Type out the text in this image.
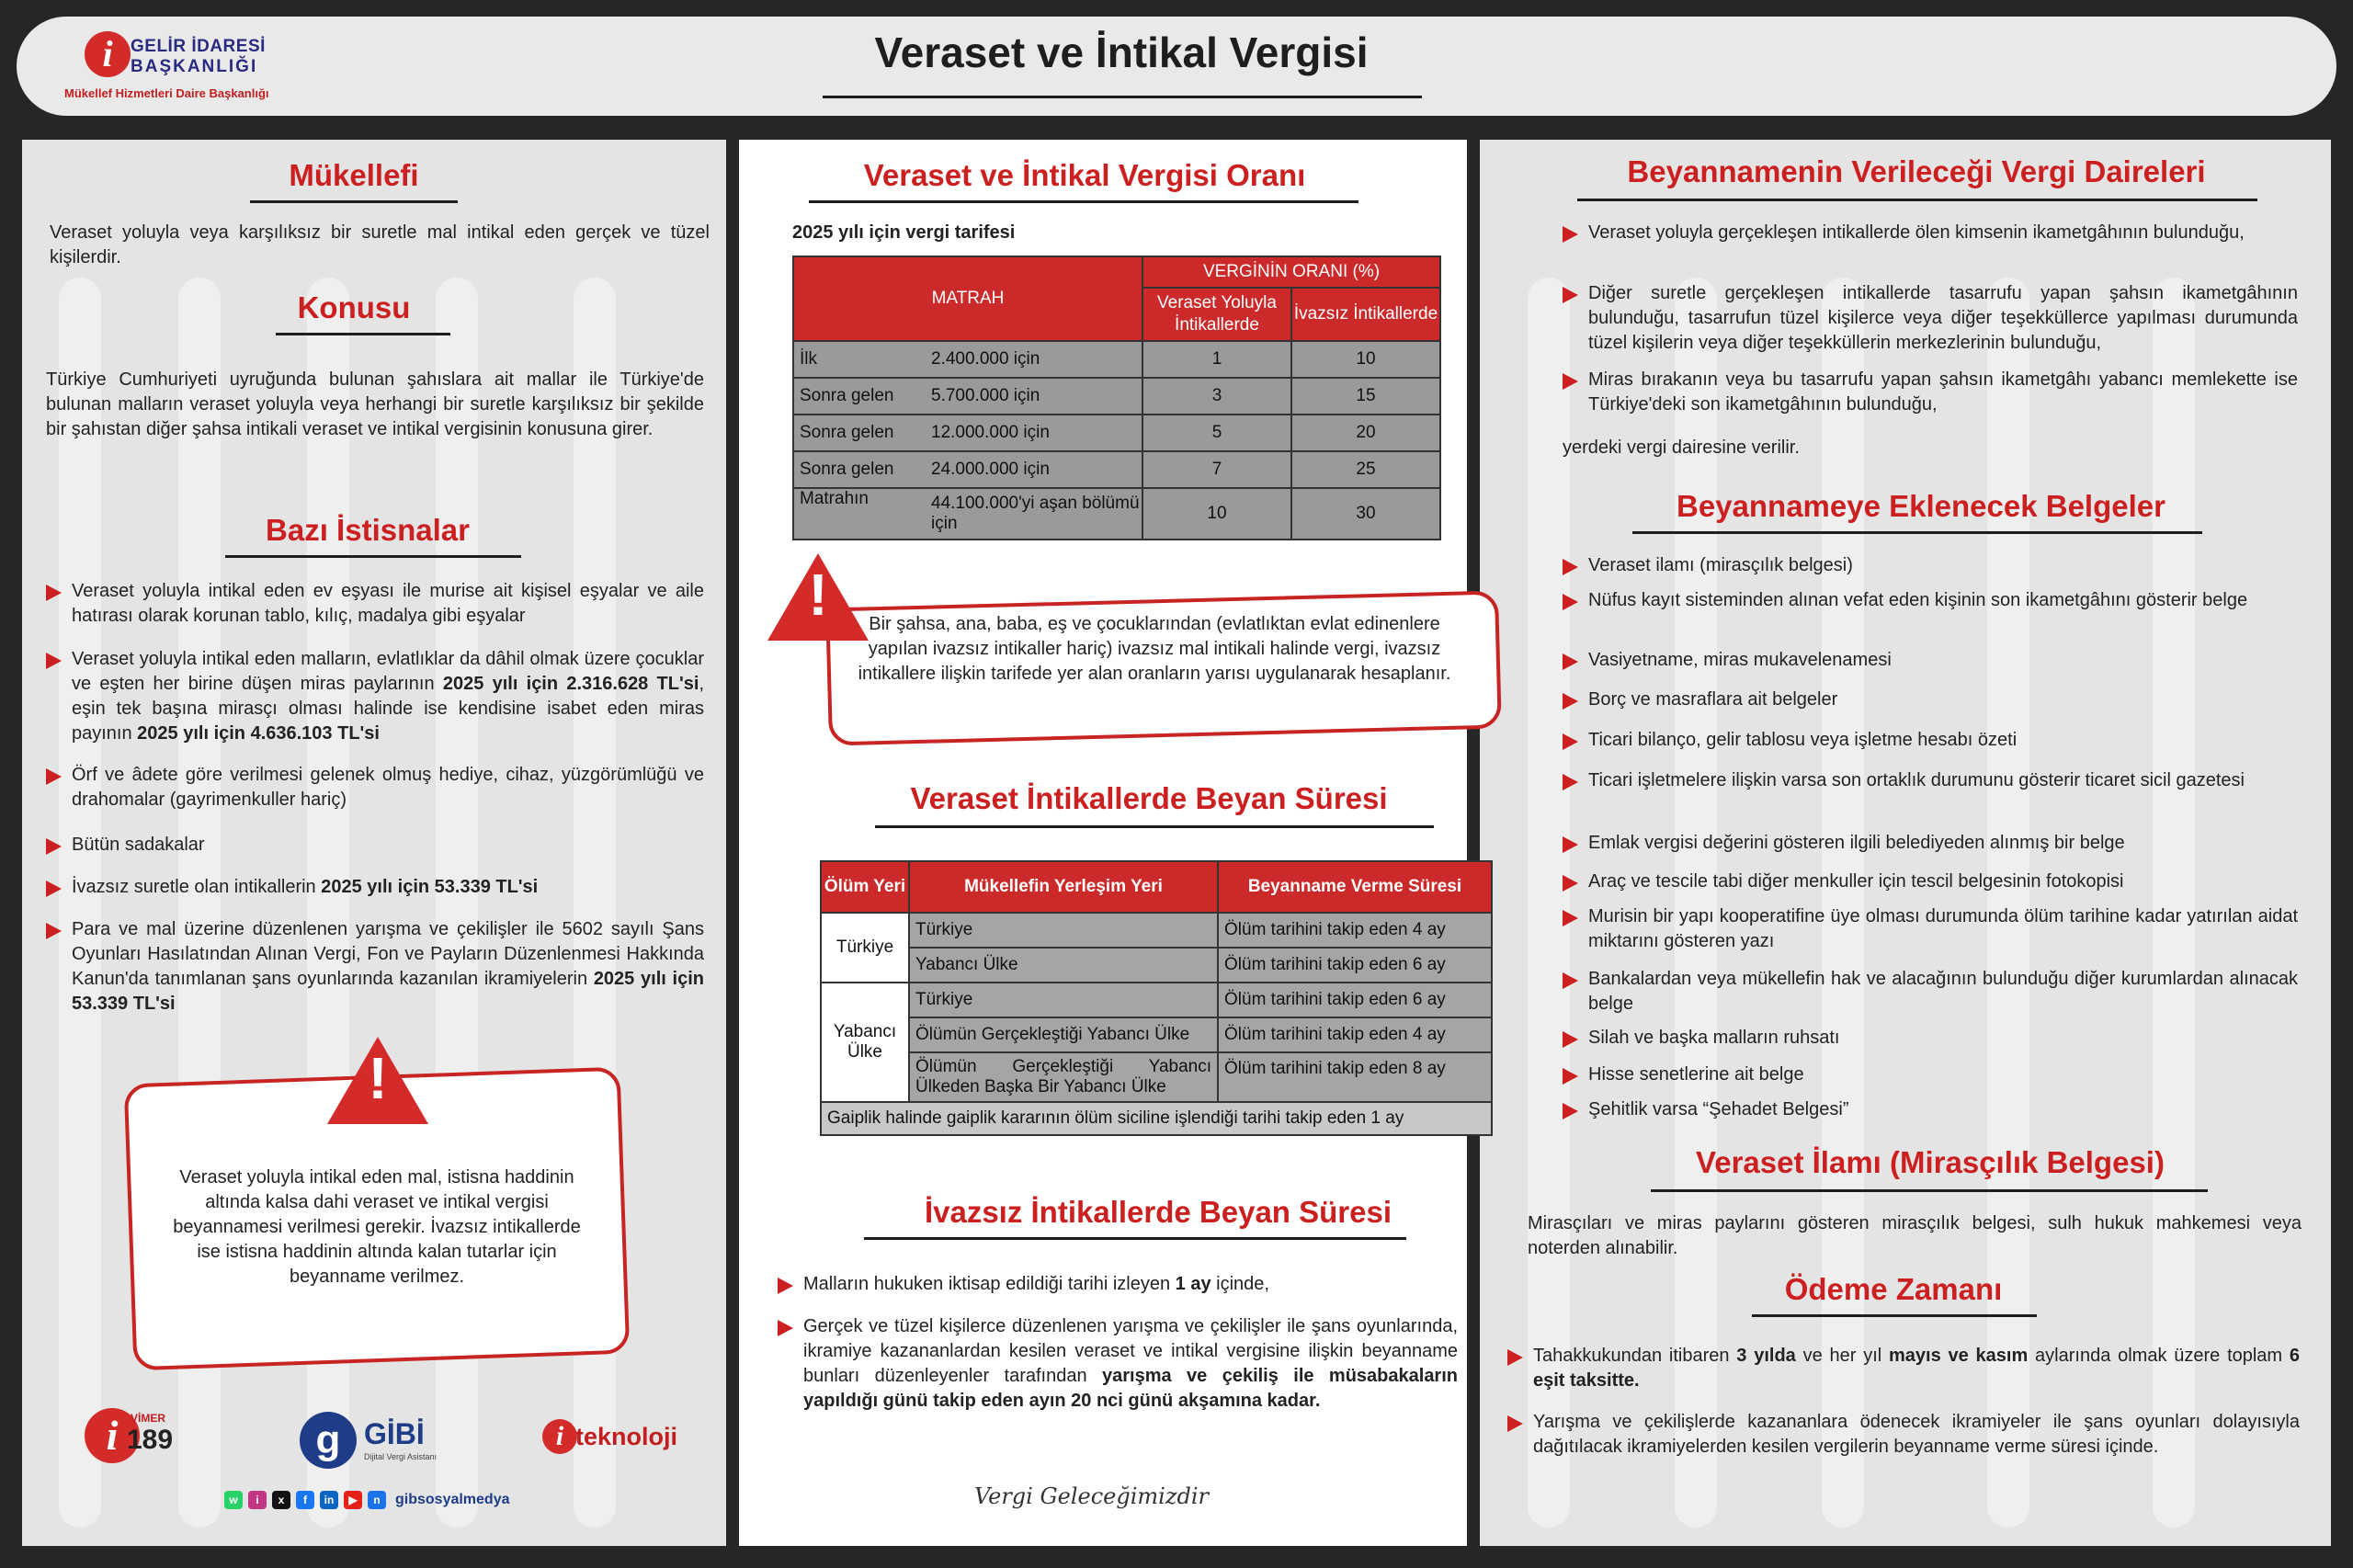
i	GELİR İDARESİ
BAŞKANLIĞI
Mükellef Hizmetleri Daire Başkanlığı
Veraset ve İntikal Vergisi
Mükellefi
Veraset yoluyla veya karşılıksız bir suretle mal intikal eden gerçek ve tüzel kişilerdir.
Konusu
Türkiye Cumhuriyeti uyruğunda bulunan şahıslara ait mallar ile Türkiye'de bulunan malların veraset yoluyla veya herhangi bir suretle karşılıksız bir şekilde bir şahıstan diğer şahsa intikali veraset ve intikal vergisinin konusuna girer.
Bazı İstisnalar
Veraset yoluyla intikal eden ev eşyası ile murise ait kişisel eşyalar ve aile hatırası olarak korunan tablo, kılıç, madalya gibi eşyalar
Veraset yoluyla intikal eden malların, evlatlıklar da dâhil olmak üzere çocuklar ve eşten her birine düşen miras paylarının 2025 yılı için 2.316.628 TL'si, eşin tek başına mirasçı olması halinde ise kendisine isabet eden miras payının 2025 yılı için 4.636.103 TL'si
Örf ve âdete göre verilmesi gelenek olmuş hediye, cihaz, yüzgörümlüğü ve drahomalar (gayrimenkuller hariç)
Bütün sadakalar
İvazsız suretle olan intikallerin 2025 yılı için 53.339 TL'si
Para ve mal üzerine düzenlenen yarışma ve çekilişler ile 5602 sayılı Şans Oyunları Hasılatından Alınan Vergi, Fon ve Payların Düzenlenmesi Hakkında Kanun'da tanımlanan şans oyunlarında kazanılan ikramiyelerin 2025 yılı için 53.339 TL'si
!
Veraset yoluyla intikal eden mal, istisna haddinin altında kalsa dahi veraset ve intikal vergisi beyannamesi verilmesi gerekir. İvazsız intikallerde ise istisna haddinin altında kalan tutarlar için beyanname verilmez.
i	VİMER
189	g GİBİ
Dijital Vergi Asistanı
i teknoloji
w	i	x	f	in	▶	n	gibsosyalmedya
Veraset ve İntikal Vergisi Oranı
2025 yılı için vergi tarifesi
MATRAH		VERGİNİN ORANI (%)	
		Veraset Yoluyla İntikallerde	İvazsız İntikallerde
İlk	2.400.000 için	1	10
Sonra gelen	5.700.000 için	3	15
Sonra gelen	12.000.000 için	5	20
Sonra gelen	24.000.000 için	7	25
Matrahın	44.100.000'yi aşan bölümü için	10	30
!	Bir şahsa, ana, baba, eş ve çocuklarından (evlatlıktan evlat edinenlere yapılan ivazsız intikaller hariç) ivazsız mal intikali halinde vergi, ivazsız intikallere ilişkin tarifede yer alan oranların yarısı uygulanarak hesaplanır.
Veraset İntikallerde Beyan Süresi
Ölüm Yeri	Mükellefin Yerleşim Yeri	Beyanname Verme Süresi
Türkiye	Türkiye	Ölüm tarihini takip eden 4 ay
	Yabancı Ülke	Ölüm tarihini takip eden 6 ay
Yabancı Ülke	Türkiye	Ölüm tarihini takip eden 6 ay
	Ölümün Gerçekleştiği Yabancı Ülke	Ölüm tarihini takip eden 4 ay
	Ölümün Gerçekleştiği Yabancı Ülkeden Başka Bir Yabancı Ülke	Ölüm tarihini takip eden 8 ay
Gaiplik halinde gaiplik kararının ölüm siciline işlendiği tarihi takip eden 1 ay		
İvazsız İntikallerde Beyan Süresi
Malların hukuken iktisap edildiği tarihi izleyen 1 ay içinde,
Gerçek ve tüzel kişilerce düzenlenen yarışma ve çekilişler ile şans oyunlarında, ikramiye kazananlardan kesilen veraset ve intikal vergisine ilişkin beyanname bunları düzenleyenler tarafından yarışma ve çekiliş ile müsabakaların yapıldığı günü takip eden ayın 20 nci günü akşamına kadar.
Vergi Geleceğimizdir
Beyannamenin Verileceği Vergi Daireleri
Veraset yoluyla gerçekleşen intikallerde ölen kimsenin ikametgâhının bulunduğu,
Diğer suretle gerçekleşen intikallerde tasarrufu yapan şahsın ikametgâhının bulunduğu, tasarrufun tüzel kişilerce veya diğer teşekküllerce yapılması durumunda tüzel kişilerin veya diğer teşekküllerin merkezlerinin bulunduğu,
Miras bırakanın veya bu tasarrufu yapan şahsın ikametgâhı yabancı memlekette ise Türkiye'deki son ikametgâhının bulunduğu,
yerdeki vergi dairesine verilir.
Beyannameye Eklenecek Belgeler
Veraset ilamı (mirasçılık belgesi)
Nüfus kayıt sisteminden alınan vefat eden kişinin son ikametgâhını gösterir belge
Vasiyetname, miras mukavelenamesi
Borç ve masraflara ait belgeler
Ticari bilanço, gelir tablosu veya işletme hesabı özeti
Ticari işletmelere ilişkin varsa son ortaklık durumunu gösterir ticaret sicil gazetesi
Emlak vergisi değerini gösteren ilgili belediyeden alınmış bir belge
Araç ve tescile tabi diğer menkuller için tescil belgesinin fotokopisi
Murisin bir yapı kooperatifine üye olması durumunda ölüm tarihine kadar yatırılan aidat miktarını gösteren yazı
Bankalardan veya mükellefin hak ve alacağının bulunduğu diğer kurumlardan alınacak belge
Silah ve başka malların ruhsatı
Hisse senetlerine ait belge
Şehitlik varsa “Şehadet Belgesi”
Veraset İlamı (Mirasçılık Belgesi)
Mirasçıları ve miras paylarını gösteren mirasçılık belgesi, sulh hukuk mahkemesi veya noterden alınabilir.
Ödeme Zamanı
Tahakkukundan itibaren 3 yılda ve her yıl mayıs ve kasım aylarında olmak üzere toplam 6 eşit taksitte.
Yarışma ve çekilişlerde kazananlara ödenecek ikramiyeler ile şans oyunları dolayısıyla dağıtılacak ikramiyelerden kesilen vergilerin beyanname verme süresi içinde.
